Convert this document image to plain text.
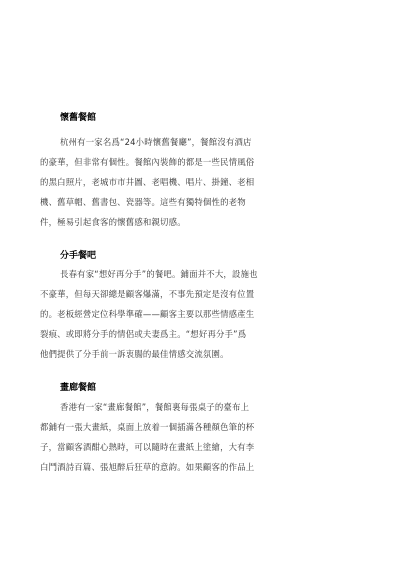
懷舊餐館
杭州有一家名爲“24小時懷舊餐廳”，餐館沒有酒店
的豪華，但非常有個性。餐館內裝飾的都是一些民情風俗
的黑白照片，老城市市井圖、老唱機、唱片、掛鐘、老相
機、舊草帽、舊書包、瓷器等。這些有獨特個性的老物
件，極易引起食客的懷舊感和親切感。
分手餐吧
長春有家“想好再分手”的餐吧。鋪面并不大，設施也
不豪華，但每天卻總是顧客爆滿，不事先預定是沒有位置
的。老板經營定位科學準確——顧客主要以那些情感產生
裂痕、或即將分手的情侶或夫妻爲主。“想好再分手”爲
他們提供了分手前一訴衷腸的最佳情感交流氛圍。
畫廊餐館
香港有一家“畫廊餐館”，餐館裏每張桌子的臺布上
都鋪有一張大畫紙，桌面上放着一個插滿各種顏色筆的杯
子，當顧客酒酣心熱時，可以隨時在畫紙上塗繪，大有李
白鬥酒詩百篇、張旭醉后狂草的意韵。如果顧客的作品上
